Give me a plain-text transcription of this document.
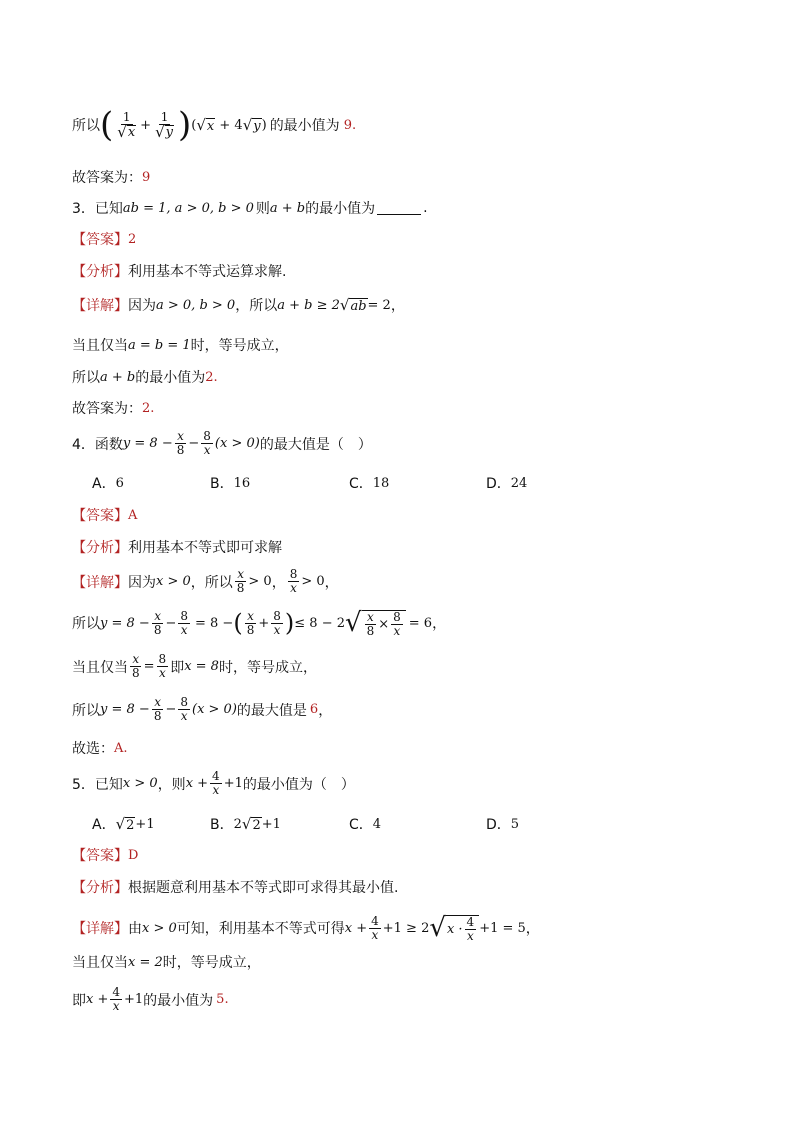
所以 ( $\frac{1}{√ x} + \frac{1}{√ y}$ ) ( √ x + 4 √ y ) 的最小值为 9.
故答案为： 9
3．已知 ab = 1, a > 0, b > 0 则 a + b 的最小值为	.
【答案】 2
【分析】 利用基本不等式运算求解.
【详解】 因为 a > 0, b > 0 ，所以 a + b ≥ 2 √ ab = 2 ，
当且仅当 a = b = 1 时，等号成立，
所以 a + b 的最小值为 2.
故答案为： 2.
4．函数 $y = 8 - \frac{x}{8} - \frac{8}{x} (x > 0)$ 的最大值是（　）
A． 6	B． 16	C． 18	D． 24
【答案】 A
【分析】 利用基本不等式即可求解
【详解】 因为 x > 0 ，所以 $\frac{x}{8} > 0$ ， $\frac{8}{x} > 0$ ，
所以 $y = 8 - \frac{x}{8} - \frac{8}{x} = 8$ − ( $\frac{x}{8} + \frac{8}{x}$ ) ≤ 8 − 2 √ $\frac{x}{8} \times \frac{8}{x} = 6$ ，
当且仅当 $\frac{x}{8} = \frac{8}{x}$ 即 x = 8 时，等号成立，
所以 $y = 8 - \frac{x}{8} - \frac{8}{x} (x > 0)$ 的最大值是 6 ，
故选： A.
5．已知 x > 0 ，则 $x + \frac{4}{x} +1$ 的最小值为（　）
A． √ 2 +1	B． 2 √ 2 +1	C． 4	D． 5
【答案】 D
【分析】 根据题意利用基本不等式即可求得其最小值.
【详解】 由 x > 0 可知，利用基本不等式可得 $x + \frac{4}{x} +1 \ge 2$ √ $x \cdot \frac{4}{x} +1 = 5$ ，
当且仅当 x = 2 时，等号成立，
即 $x + \frac{4}{x} +1$ 的最小值为 5.
